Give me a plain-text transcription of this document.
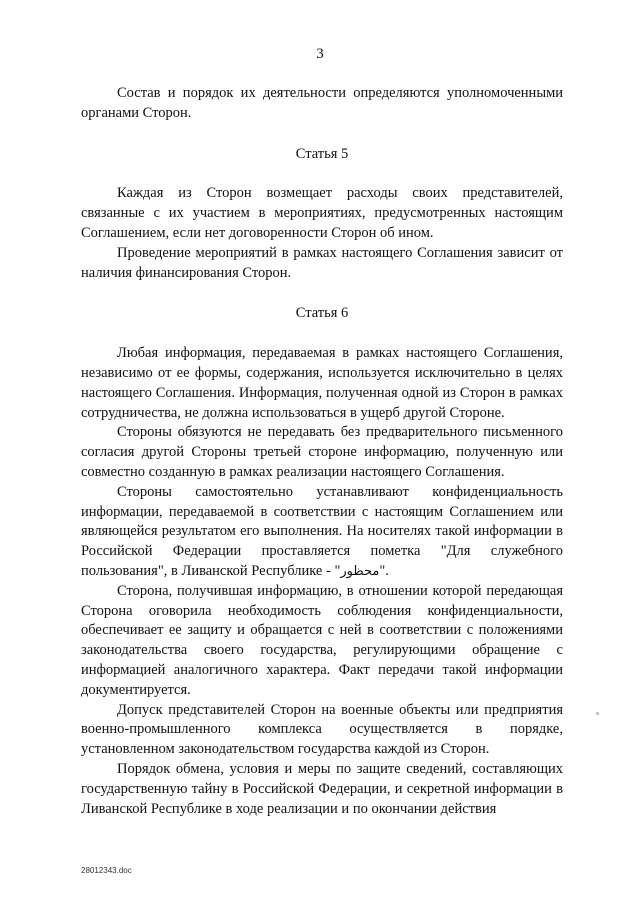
3

Состав и порядок их деятельности определяются уполномоченными органами Сторон.

Статья 5

Каждая из Сторон возмещает расходы своих представителей, связанные с их участием в мероприятиях, предусмотренных настоящим Соглашением, если нет договоренности Сторон об ином.

Проведение мероприятий в рамках настоящего Соглашения зависит от наличия финансирования Сторон.

Статья 6

Любая информация, передаваемая в рамках настоящего Соглашения, независимо от ее формы, содержания, используется исключительно в целях настоящего Соглашения. Информация, полученная одной из Сторон в рамках сотрудничества, не должна использоваться в ущерб другой Стороне.

Стороны обязуются не передавать без предварительного письменного согласия другой Стороны третьей стороне информацию, полученную или совместно созданную в рамках реализации настоящего Соглашения.

Стороны самостоятельно устанавливают конфиденциальность информации, передаваемой в соответствии с настоящим Соглашением или являющейся результатом его выполнения. На носителях такой информации в Российской Федерации проставляется пометка "Для служебного пользования", в Ливанской Республике - "محظور".

Сторона, получившая информацию, в отношении которой передающая Сторона оговорила необходимость соблюдения конфиденциальности, обеспечивает ее защиту и обращается с ней в соответствии с положениями законодательства своего государства, регулирующими обращение с информацией аналогичного характера. Факт передачи такой информации документируется.

Допуск представителей Сторон на военные объекты или предприятия военно-промышленного комплекса осуществляется в порядке, установленном законодательством государства каждой из Сторон.

Порядок обмена, условия и меры по защите сведений, составляющих государственную тайну в Российской Федерации, и секретной информации в Ливанской Республике в ходе реализации и по окончании действия

28012343.doc
